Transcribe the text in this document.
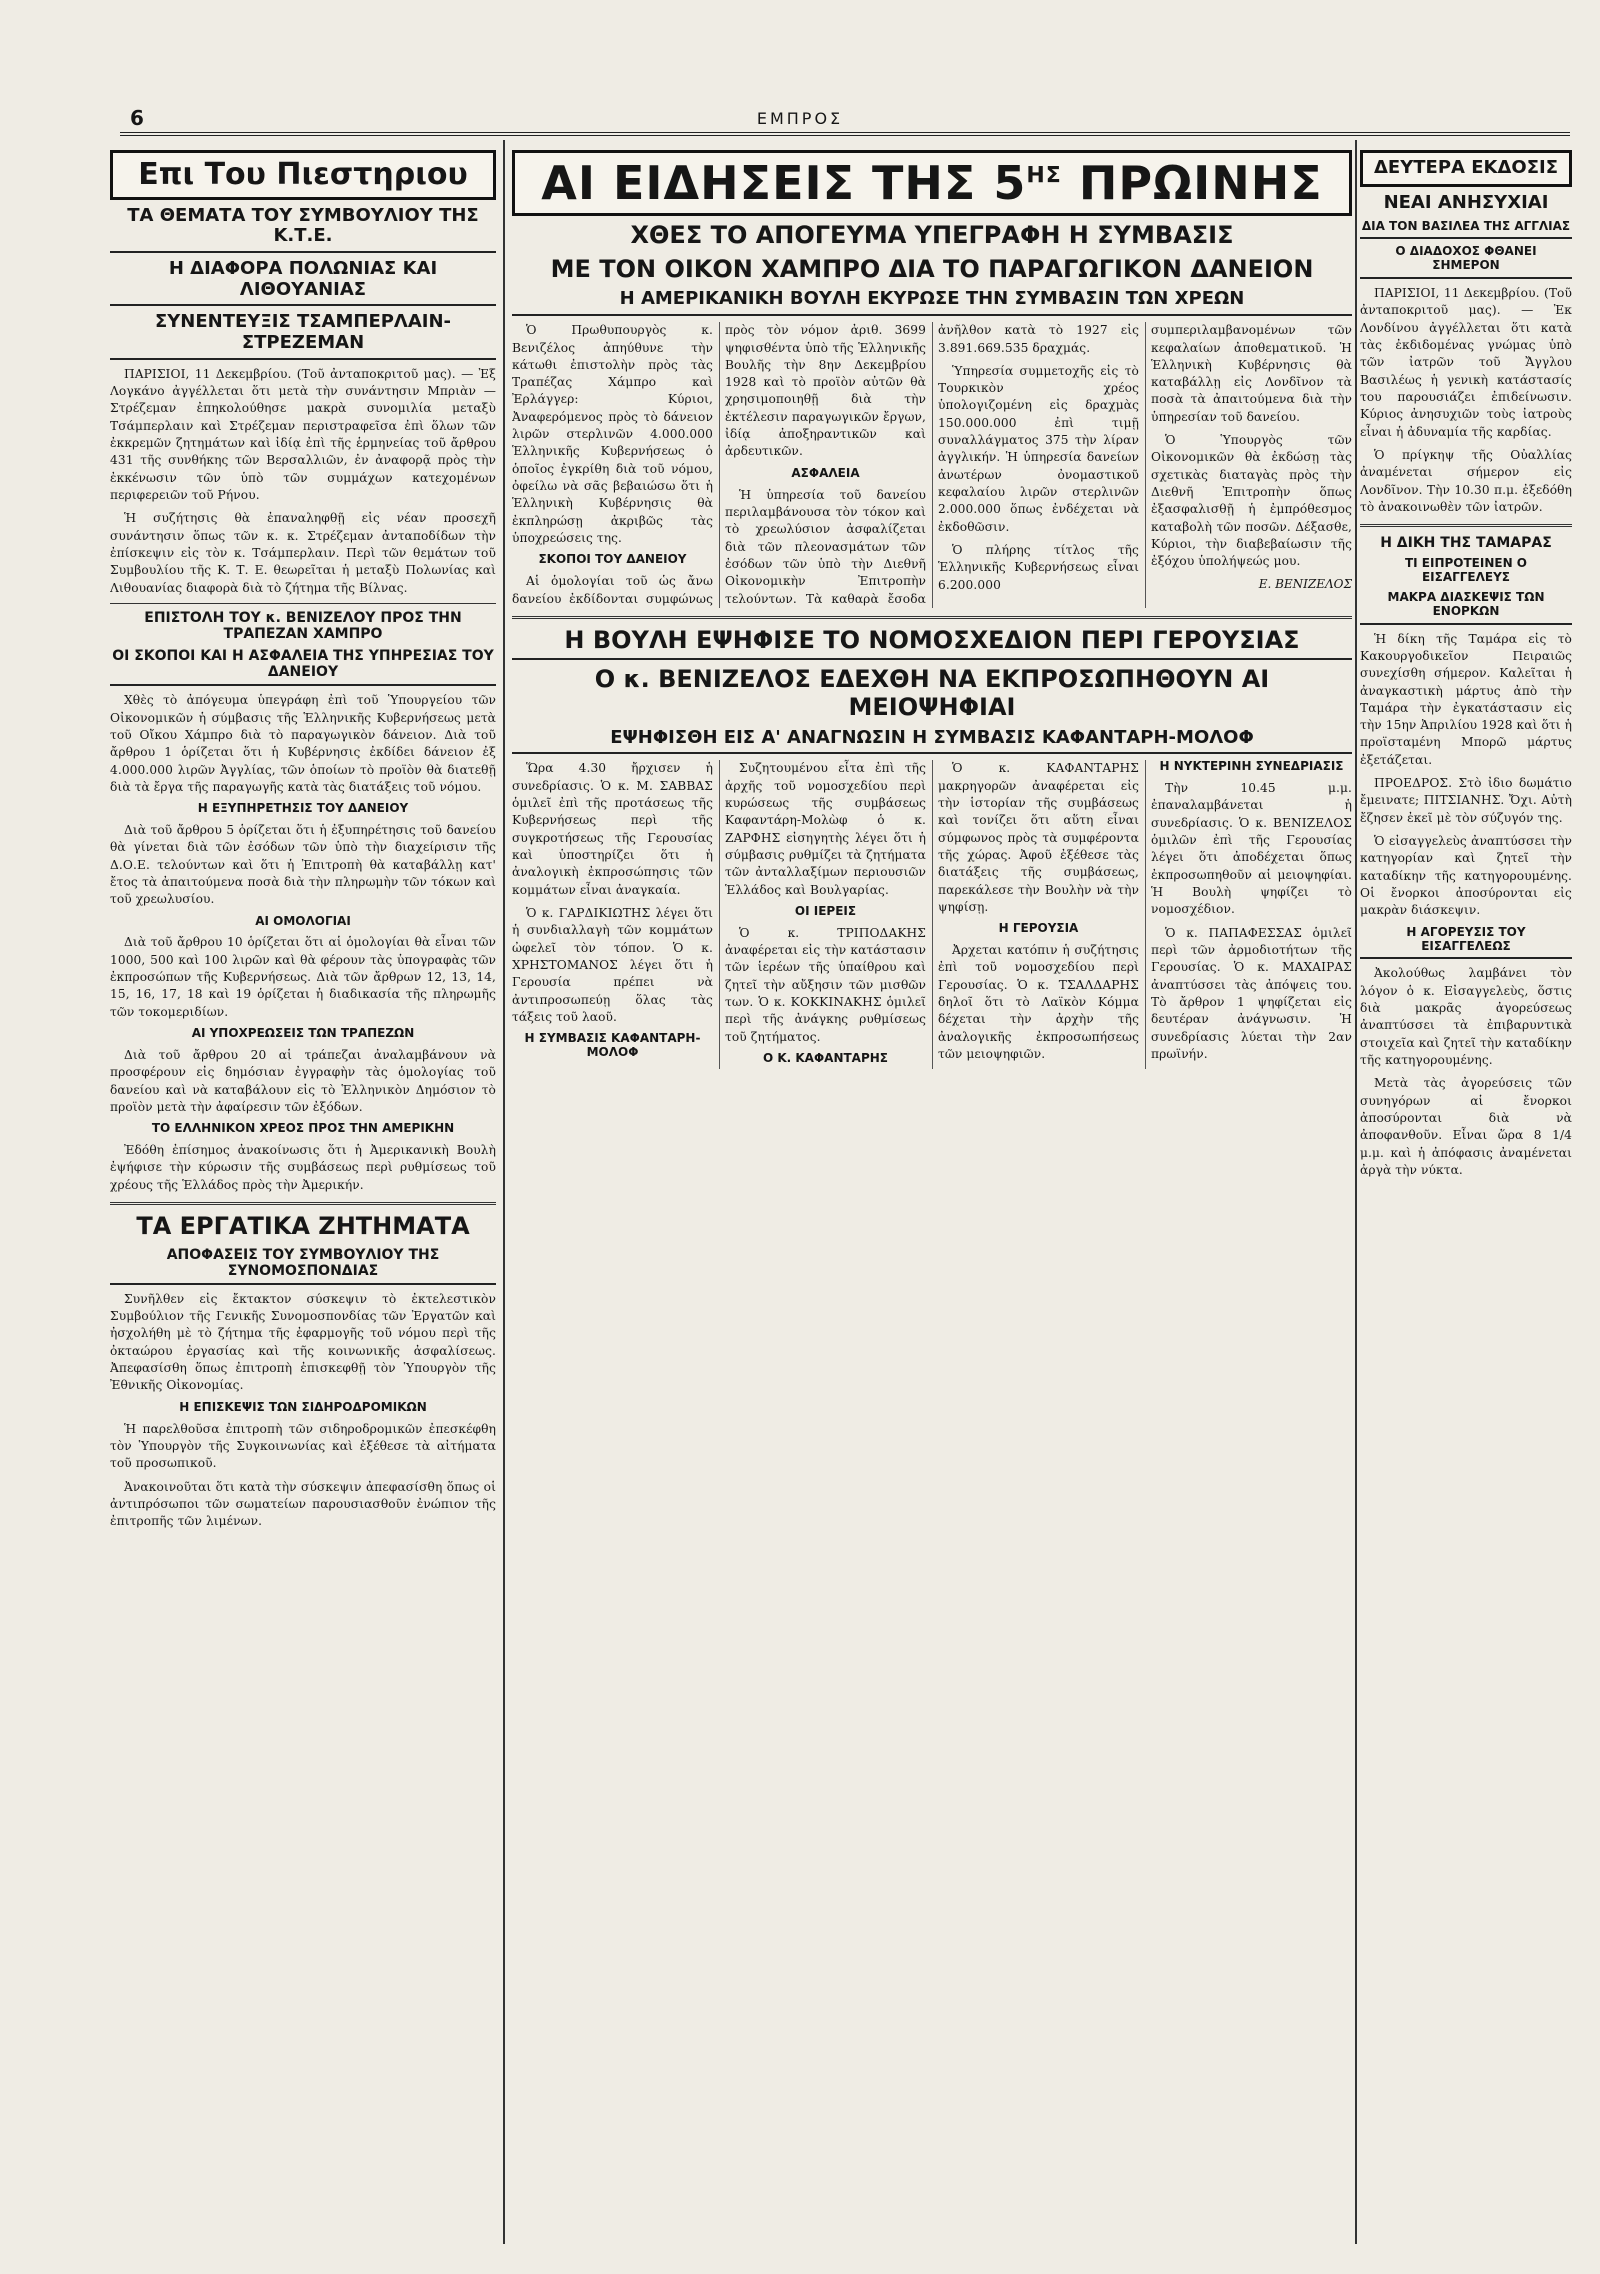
6	ΕΜΠΡΟΣ
Επι Του Πιεστηριου
ΤΑ ΘΕΜΑΤΑ ΤΟΥ ΣΥΜΒΟΥΛΙΟΥ ΤΗΣ Κ.Τ.Ε.
Η ΔΙΑΦΟΡΑ ΠΟΛΩΝΙΑΣ ΚΑΙ ΛΙΘΟΥΑΝΙΑΣ
ΣΥΝΕΝΤΕΥΞΙΣ ΤΣΑΜΠΕΡΛΑΙΝ-ΣΤΡΕΖΕΜΑΝ

ΠΑΡΙΣΙΟΙ, 11 Δεκεμβρίου. (Τοῦ ἀνταποκριτοῦ μας). — Ἐξ Λογκάνο ἀγγέλλεται ὅτι μετὰ τὴν συνάντησιν Μπριὰν — Στρέζεμαν ἐπηκολούθησε μακρὰ συνομιλία μεταξὺ Τσάμπερλαιν καὶ Στρέζεμαν περιστραφεῖσα ἐπὶ ὅλων τῶν ἐκκρεμῶν ζητημάτων καὶ ἰδίᾳ ἐπὶ τῆς ἑρμηνείας τοῦ ἄρθρου 431 τῆς συνθήκης τῶν Βερσαλλιῶν, ἐν ἀναφορᾷ πρὸς τὴν ἐκκένωσιν τῶν ὑπὸ τῶν συμμάχων κατεχομένων περιφερειῶν τοῦ Ρήνου.

Ἡ συζήτησις θὰ ἐπαναληφθῇ εἰς νέαν προσεχῆ συνάντησιν ὅπως τῶν κ. κ. Στρέζεμαν ἀνταποδίδων τὴν ἐπίσκεψιν εἰς τὸν κ. Τσάμπερλαιν. Περὶ τῶν θεμάτων τοῦ Συμβουλίου τῆς Κ. Τ. Ε. θεωρεῖται ἡ μεταξὺ Πολωνίας καὶ Λιθουανίας διαφορὰ διὰ τὸ ζήτημα τῆς Βίλνας.

ΕΠΙΣΤΟΛΗ ΤΟΥ κ. ΒΕΝΙΖΕΛΟΥ ΠΡΟΣ ΤΗΝ ΤΡΑΠΕΖΑΝ ΧΑΜΠΡΟ
ΟΙ ΣΚΟΠΟΙ ΚΑΙ Η ΑΣΦΑΛΕΙΑ ΤΗΣ ΥΠΗΡΕΣΙΑΣ ΤΟΥ ΔΑΝΕΙΟΥ

Χθὲς τὸ ἀπόγευμα ὑπεγράφη ἐπὶ τοῦ Ὑπουργείου τῶν Οἰκονομικῶν ἡ σύμβασις τῆς Ἑλληνικῆς Κυβερνήσεως μετὰ τοῦ Οἴκου Χάμπρο διὰ τὸ παραγωγικὸν δάνειον. Διὰ τοῦ ἄρθρου 1 ὁρίζεται ὅτι ἡ Κυβέρνησις ἐκδίδει δάνειον ἐξ 4.000.000 λιρῶν Ἀγγλίας, τῶν ὁποίων τὸ προϊὸν θὰ διατεθῇ διὰ τὰ ἔργα τῆς παραγωγῆς κατὰ τὰς διατάξεις τοῦ νόμου.

Η ΕΞΥΠΗΡΕΤΗΣΙΣ ΤΟΥ ΔΑΝΕΙΟΥ

Διὰ τοῦ ἄρθρου 5 ὁρίζεται ὅτι ἡ ἐξυπηρέτησις τοῦ δανείου θὰ γίνεται διὰ τῶν ἐσόδων τῶν ὑπὸ τὴν διαχείρισιν τῆς Δ.Ο.Ε. τελούντων καὶ ὅτι ἡ Ἐπιτροπὴ θὰ καταβάλλῃ κατ' ἔτος τὰ ἀπαιτούμενα ποσὰ διὰ τὴν πληρωμὴν τῶν τόκων καὶ τοῦ χρεωλυσίου.

ΑΙ ΟΜΟΛΟΓΙΑΙ

Διὰ τοῦ ἄρθρου 10 ὁρίζεται ὅτι αἱ ὁμολογίαι θὰ εἶναι τῶν 1000, 500 καὶ 100 λιρῶν καὶ θὰ φέρουν τὰς ὑπογραφὰς τῶν ἐκπροσώπων τῆς Κυβερνήσεως. Διὰ τῶν ἄρθρων 12, 13, 14, 15, 16, 17, 18 καὶ 19 ὁρίζεται ἡ διαδικασία τῆς πληρωμῆς τῶν τοκομεριδίων.

ΑΙ ΥΠΟΧΡΕΩΣΕΙΣ ΤΩΝ ΤΡΑΠΕΖΩΝ

Διὰ τοῦ ἄρθρου 20 αἱ τράπεζαι ἀναλαμβάνουν νὰ προσφέρουν εἰς δημόσιαν ἐγγραφὴν τὰς ὁμολογίας τοῦ δανείου καὶ νὰ καταβάλουν εἰς τὸ Ἑλληνικὸν Δημόσιον τὸ προϊὸν μετὰ τὴν ἀφαίρεσιν τῶν ἐξόδων.

ΤΟ ΕΛΛΗΝΙΚΟΝ ΧΡΕΟΣ ΠΡΟΣ ΤΗΝ ΑΜΕΡΙΚΗΝ

Ἐδόθη ἐπίσημος ἀνακοίνωσις ὅτι ἡ Ἀμερικανικὴ Βουλὴ ἐψήφισε τὴν κύρωσιν τῆς συμβάσεως περὶ ρυθμίσεως τοῦ χρέους τῆς Ἑλλάδος πρὸς τὴν Ἀμερικήν.

ΤΑ ΕΡΓΑΤΙΚΑ ΖΗΤΗΜΑΤΑ
ΑΠΟΦΑΣΕΙΣ ΤΟΥ ΣΥΜΒΟΥΛΙΟΥ ΤΗΣ ΣΥΝΟΜΟΣΠΟΝΔΙΑΣ

Συνῆλθεν εἰς ἔκτακτον σύσκεψιν τὸ ἐκτελεστικὸν Συμβούλιον τῆς Γενικῆς Συνομοσπονδίας τῶν Ἐργατῶν καὶ ἠσχολήθη μὲ τὸ ζήτημα τῆς ἐφαρμογῆς τοῦ νόμου περὶ τῆς ὀκταώρου ἐργασίας καὶ τῆς κοινωνικῆς ἀσφαλίσεως. Ἀπεφασίσθη ὅπως ἐπιτροπὴ ἐπισκεφθῇ τὸν Ὑπουργὸν τῆς Ἐθνικῆς Οἰκονομίας.

Η ΕΠΙΣΚΕΨΙΣ ΤΩΝ ΣΙΔΗΡΟΔΡΟΜΙΚΩΝ

Ἡ παρελθοῦσα ἐπιτροπὴ τῶν σιδηροδρομικῶν ἐπεσκέφθη τὸν Ὑπουργὸν τῆς Συγκοινωνίας καὶ ἐξέθεσε τὰ αἰτήματα τοῦ προσωπικοῦ.

Ἀνακοινοῦται ὅτι κατὰ τὴν σύσκεψιν ἀπεφασίσθη ὅπως οἱ ἀντιπρόσωποι τῶν σωματείων παρουσιασθοῦν ἐνώπιον τῆς ἐπιτροπῆς τῶν λιμένων.

ΑΙ ΕΙΔΗΣΕΙΣ ΤΗΣ $5^{H\Sigma}$ ΠΡΩΙΝΗΣ
ΧΘΕΣ ΤΟ ΑΠΟΓΕΥΜΑ ΥΠΕΓΡΑΦΗ Η ΣΥΜΒΑΣΙΣ
ΜΕ ΤΟΝ ΟΙΚΟΝ ΧΑΜΠΡΟ ΔΙΑ ΤΟ ΠΑΡΑΓΩΓΙΚΟΝ ΔΑΝΕΙΟΝ
Η ΑΜΕΡΙΚΑΝΙΚΗ ΒΟΥΛΗ ΕΚΥΡΩΣΕ ΤΗΝ ΣΥΜΒΑΣΙΝ ΤΩΝ ΧΡΕΩΝ

Ὁ Πρωθυπουργὸς κ. Βενιζέλος ἀπηύθυνε τὴν κάτωθι ἐπιστολὴν πρὸς τὰς Τραπέζας Χάμπρο καὶ Ἐρλάγγερ: Κύριοι, Ἀναφερόμενος πρὸς τὸ δάνειον λιρῶν στερλινῶν 4.000.000 Ἑλληνικῆς Κυβερνήσεως ὁ ὁποῖος ἐγκρίθη διὰ τοῦ νόμου, ὀφείλω νὰ σᾶς βεβαιώσω ὅτι ἡ Ἑλληνικὴ Κυβέρνησις θὰ ἐκπληρώσῃ ἀκριβῶς τὰς ὑποχρεώσεις της.

ΣΚΟΠΟΙ ΤΟΥ ΔΑΝΕΙΟΥ

Αἱ ὁμολογίαι τοῦ ὡς ἄνω δανείου ἐκδίδονται συμφώνως πρὸς τὸν νόμον ἀριθ. 3699 ψηφισθέντα ὑπὸ τῆς Ἑλληνικῆς Βουλῆς τὴν 8ην Δεκεμβρίου 1928 καὶ τὸ προϊὸν αὐτῶν θὰ χρησιμοποιηθῇ διὰ τὴν ἐκτέλεσιν παραγωγικῶν ἔργων, ἰδίᾳ ἀποξηραντικῶν καὶ ἀρδευτικῶν.

ΑΣΦΑΛΕΙΑ

Ἡ ὑπηρεσία τοῦ δανείου περιλαμβάνουσα τὸν τόκον καὶ τὸ χρεωλύσιον ἀσφαλίζεται διὰ τῶν πλεονασμάτων τῶν ἐσόδων τῶν ὑπὸ τὴν Διεθνῆ Οἰκονομικὴν Ἐπιτροπὴν τελούντων. Τὰ καθαρὰ ἔσοδα ἀνῆλθον κατὰ τὸ 1927 εἰς 3.891.669.535 δραχμάς.

Ὑπηρεσία συμμετοχῆς εἰς τὸ Τουρκικὸν χρέος ὑπολογιζομένη εἰς δραχμὰς 150.000.000 ἐπὶ τιμῇ συναλλάγματος 375 τὴν λίραν ἀγγλικήν. Ἡ ὑπηρεσία δανείων ἀνωτέρων ὀνομαστικοῦ κεφαλαίου λιρῶν στερλινῶν 2.000.000 ὅπως ἐνδέχεται νὰ ἐκδοθῶσιν.

Ὁ πλήρης τίτλος τῆς Ἑλληνικῆς Κυβερνήσεως εἶναι 6.200.000 συμπεριλαμβανομένων τῶν κεφαλαίων ἀποθεματικοῦ. Ἡ Ἑλληνικὴ Κυβέρνησις θὰ καταβάλλῃ εἰς Λονδῖνον τὰ ποσὰ τὰ ἀπαιτούμενα διὰ τὴν ὑπηρεσίαν τοῦ δανείου.

Ὁ Ὑπουργὸς τῶν Οἰκονομικῶν θὰ ἐκδώσῃ τὰς σχετικὰς διαταγὰς πρὸς τὴν Διεθνῆ Ἐπιτροπὴν ὅπως ἐξασφαλισθῇ ἡ ἐμπρόθεσμος καταβολὴ τῶν ποσῶν. Δέξασθε, Κύριοι, τὴν διαβεβαίωσιν τῆς ἐξόχου ὑπολήψεώς μου.

Ε. ΒΕΝΙΖΕΛΟΣ
Η ΒΟΥΛΗ ΕΨΗΦΙΣΕ ΤΟ ΝΟΜΟΣΧΕΔΙΟΝ ΠΕΡΙ ΓΕΡΟΥΣΙΑΣ
Ο κ. ΒΕΝΙΖΕΛΟΣ ΕΔΕΧΘΗ ΝΑ ΕΚΠΡΟΣΩΠΗΘΟΥΝ ΑΙ ΜΕΙΟΨΗΦΙΑΙ
ΕΨΗΦΙΣΘΗ ΕΙΣ Α' ΑΝΑΓΝΩΣΙΝ Η ΣΥΜΒΑΣΙΣ ΚΑΦΑΝΤΑΡΗ-ΜΟΛΟΦ

Ὥρα 4.30 ἤρχισεν ἡ συνεδρίασις. Ὁ κ. Μ. ΣΑΒΒΑΣ ὁμιλεῖ ἐπὶ τῆς προτάσεως τῆς Κυβερνήσεως περὶ τῆς συγκροτήσεως τῆς Γερουσίας καὶ ὑποστηρίζει ὅτι ἡ ἀναλογικὴ ἐκπροσώπησις τῶν κομμάτων εἶναι ἀναγκαία.

Ὁ κ. ΓΑΡΔΙΚΙΩΤΗΣ λέγει ὅτι ἡ συνδιαλλαγὴ τῶν κομμάτων ὠφελεῖ τὸν τόπον. Ὁ κ. ΧΡΗΣΤΟΜΑΝΟΣ λέγει ὅτι ἡ Γερουσία πρέπει νὰ ἀντιπροσωπεύῃ ὅλας τὰς τάξεις τοῦ λαοῦ.

Η ΣΥΜΒΑΣΙΣ ΚΑΦΑΝΤΑΡΗ-ΜΟΛΟΦ

Συζητουμένου εἶτα ἐπὶ τῆς ἀρχῆς τοῦ νομοσχεδίου περὶ κυρώσεως τῆς συμβάσεως Καφαντάρη-Μολὼφ ὁ κ. ΖΑΡΦΗΣ εἰσηγητὴς λέγει ὅτι ἡ σύμβασις ρυθμίζει τὰ ζητήματα τῶν ἀνταλλαξίμων περιουσιῶν Ἑλλάδος καὶ Βουλγαρίας.

ΟΙ ΙΕΡΕΙΣ

Ὁ κ. ΤΡΙΠΟΔΑΚΗΣ ἀναφέρεται εἰς τὴν κατάστασιν τῶν ἱερέων τῆς ὑπαίθρου καὶ ζητεῖ τὴν αὔξησιν τῶν μισθῶν των. Ὁ κ. ΚΟΚΚΙΝΑΚΗΣ ὁμιλεῖ περὶ τῆς ἀνάγκης ρυθμίσεως τοῦ ζητήματος.

Ο Κ. ΚΑΦΑΝΤΑΡΗΣ

Ὁ κ. ΚΑΦΑΝΤΑΡΗΣ μακρηγορῶν ἀναφέρεται εἰς τὴν ἱστορίαν τῆς συμβάσεως καὶ τονίζει ὅτι αὕτη εἶναι σύμφωνος πρὸς τὰ συμφέροντα τῆς χώρας. Ἀφοῦ ἐξέθεσε τὰς διατάξεις τῆς συμβάσεως, παρεκάλεσε τὴν Βουλὴν νὰ τὴν ψηφίσῃ.

Η ΓΕΡΟΥΣΙΑ

Ἀρχεται κατόπιν ἡ συζήτησις ἐπὶ τοῦ νομοσχεδίου περὶ Γερουσίας. Ὁ κ. ΤΣΑΛΔΑΡΗΣ δηλοῖ ὅτι τὸ Λαϊκὸν Κόμμα δέχεται τὴν ἀρχὴν τῆς ἀναλογικῆς ἐκπροσωπήσεως τῶν μειοψηφιῶν.

Η ΝΥΚΤΕΡΙΝΗ ΣΥΝΕΔΡΙΑΣΙΣ

Τὴν 10.45 μ.μ. ἐπαναλαμβάνεται ἡ συνεδρίασις. Ὁ κ. ΒΕΝΙΖΕΛΟΣ ὁμιλῶν ἐπὶ τῆς Γερουσίας λέγει ὅτι ἀποδέχεται ὅπως ἐκπροσωπηθοῦν αἱ μειοψηφίαι. Ἡ Βουλὴ ψηφίζει τὸ νομοσχέδιον.

Ὁ κ. ΠΑΠΑΦΕΣΣΑΣ ὁμιλεῖ περὶ τῶν ἀρμοδιοτήτων τῆς Γερουσίας. Ὁ κ. ΜΑΧΑΙΡΑΣ ἀναπτύσσει τὰς ἀπόψεις του. Τὸ ἄρθρον 1 ψηφίζεται εἰς δευτέραν ἀνάγνωσιν. Ἡ συνεδρίασις λύεται τὴν 2αν πρωϊνήν.

ΔΕΥΤΕΡΑ ΕΚΔΟΣΙΣ
ΝΕΑΙ ΑΝΗΣΥΧΙΑΙ
ΔΙΑ ΤΟΝ ΒΑΣΙΛΕΑ ΤΗΣ ΑΓΓΛΙΑΣ
Ο ΔΙΑΔΟΧΟΣ ΦΘΑΝΕΙ ΣΗΜΕΡΟΝ

ΠΑΡΙΣΙΟΙ, 11 Δεκεμβρίου. (Τοῦ ἀνταποκριτοῦ μας). — Ἐκ Λονδίνου ἀγγέλλεται ὅτι κατὰ τὰς ἐκδιδομένας γνώμας ὑπὸ τῶν ἰατρῶν τοῦ Ἄγγλου Βασιλέως ἡ γενικὴ κατάστασίς του παρουσιάζει ἐπιδείνωσιν. Κύριος ἀνησυχιῶν τοὺς ἰατροὺς εἶναι ἡ ἀδυναμία τῆς καρδίας.

Ὁ πρίγκηψ τῆς Οὐαλλίας ἀναμένεται σήμερον εἰς Λονδῖνον. Τὴν 10.30 π.μ. ἐξεδόθη τὸ ἀνακοινωθὲν τῶν ἰατρῶν.

Η ΔΙΚΗ ΤΗΣ ΤΑΜΑΡΑΣ
ΤΙ ΕΙΠΡΟΤΕΙΝΕΝ Ο ΕΙΣΑΓΓΕΛΕΥΣ
ΜΑΚΡΑ ΔΙΑΣΚΕΨΙΣ ΤΩΝ ΕΝΟΡΚΩΝ

Ἡ δίκη τῆς Ταμάρα εἰς τὸ Κακουργοδικεῖον Πειραιῶς συνεχίσθη σήμερον. Καλεῖται ἡ ἀναγκαστικὴ μάρτυς ἀπὸ τὴν Ταμάρα τὴν ἐγκατάστασιν εἰς τὴν 15ην Ἀπριλίου 1928 καὶ ὅτι ἡ προϊσταμένη Μπορῶ μάρτυς ἐξετάζεται.

ΠΡΟΕΔΡΟΣ. Στὸ ἰδιο δωμάτιο ἔμεινατε; ΠΙΤΣΙΑΝΗΣ. Ὄχι. Αὐτὴ ἔζησεν ἐκεῖ μὲ τὸν σύζυγόν της.

Ὁ εἰσαγγελεὺς ἀναπτύσσει τὴν κατηγορίαν καὶ ζητεῖ τὴν καταδίκην τῆς κατηγορουμένης. Οἱ ἔνορκοι ἀποσύρονται εἰς μακρὰν διάσκεψιν.

Η ΑΓΟΡΕΥΣΙΣ ΤΟΥ ΕΙΣΑΓΓΕΛΕΩΣ

Ἀκολούθως λαμβάνει τὸν λόγον ὁ κ. Εἰσαγγελεὺς, ὅστις διὰ μακρᾶς ἀγορεύσεως ἀναπτύσσει τὰ ἐπιβαρυντικὰ στοιχεῖα καὶ ζητεῖ τὴν καταδίκην τῆς κατηγορουμένης.

Μετὰ τὰς ἀγορεύσεις τῶν συνηγόρων αἱ ἔνορκοι ἀποσύρονται διὰ νὰ ἀποφανθοῦν. Εἶναι ὥρα 8 1/4 μ.μ. καὶ ἡ ἀπόφασις ἀναμένεται ἀργὰ τὴν νύκτα.
